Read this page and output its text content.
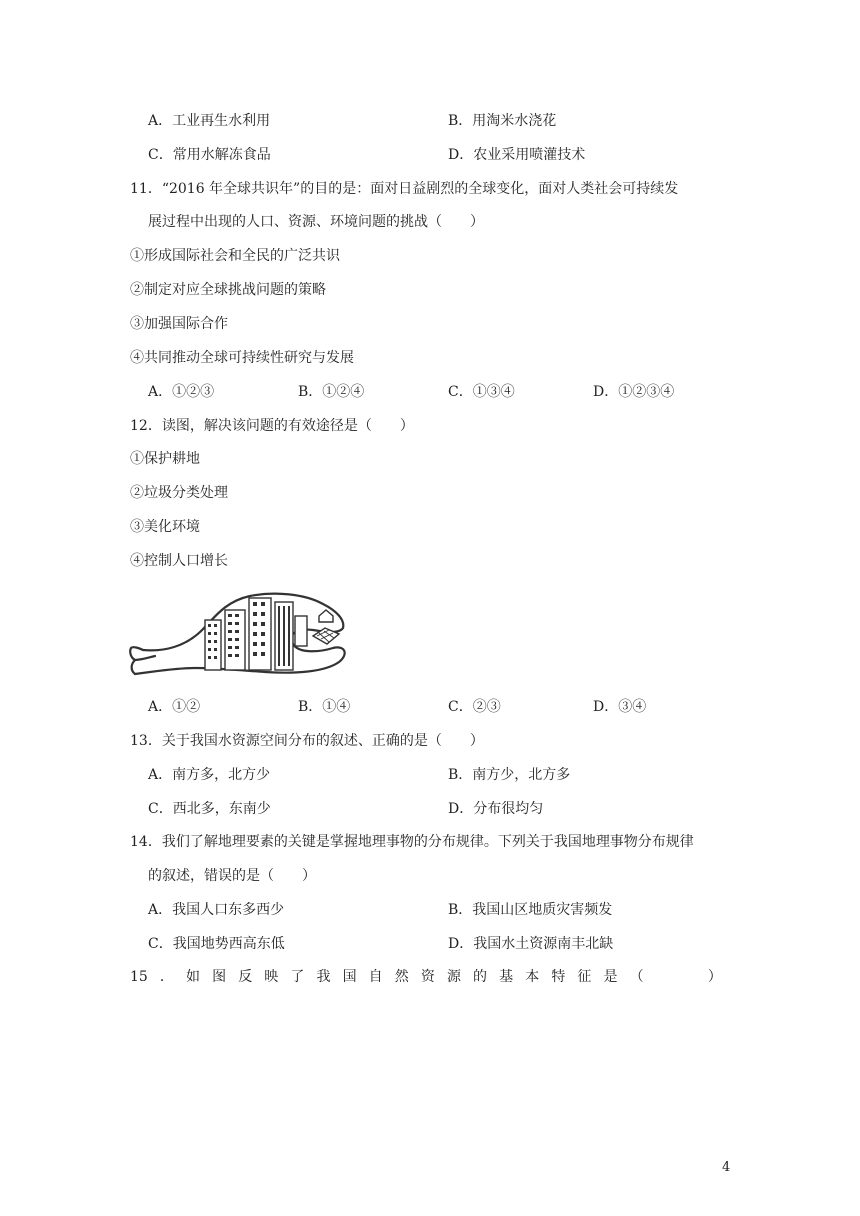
A．工业再生水利用	B．用淘米水浇花
C．常用水解冻食品	D．农业采用喷灌技术
11．“2016 年全球共识年”的目的是：面对日益剧烈的全球变化，面对人类社会可持续发
展过程中出现的人口、资源、环境问题的挑战（　　）
①形成国际社会和全民的广泛共识
②制定对应全球挑战问题的策略
③加强国际合作
④共同推动全球可持续性研究与发展
A．①②③	B．①②④	C．①③④	D．①②③④
12．读图，解决该问题的有效途径是（　　）
①保护耕地
②垃圾分类处理
③美化环境
④控制人口增长
A．①②	B．①④	C．②③	D．③④
13．关于我国水资源空间分布的叙述、正确的是（　　）
A．南方多，北方少	B．南方少，北方多
C．西北多，东南少	D．分布很均匀
14．我们了解地理要素的关键是掌握地理事物的分布规律。下列关于我国地理事物分布规律
的叙述，错误的是（　　）
A．我国人口东多西少	B．我国山区地质灾害频发
C．我国地势西高东低	D．我国水土资源南丰北缺
15 ． 如 图 反 映 了 我 国 自 然 资 源 的 基 本 特 征 是 （

　	）
4
